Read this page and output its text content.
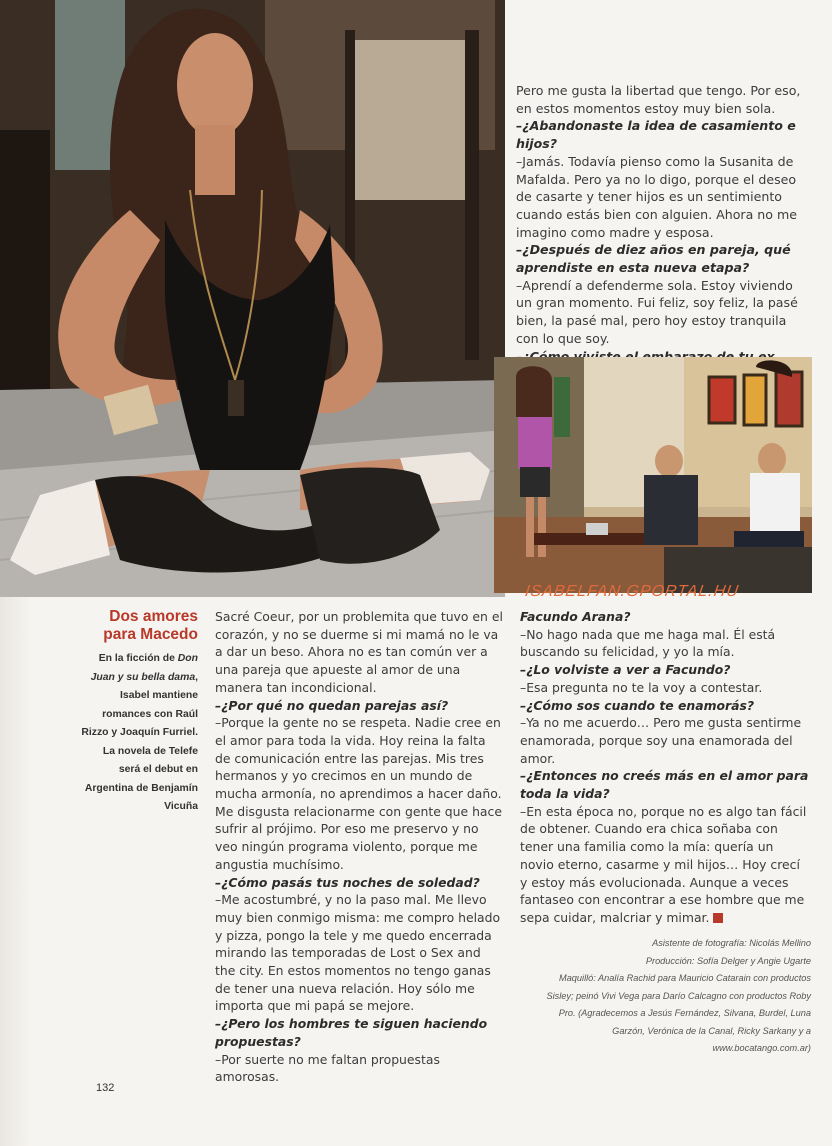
Pero me gusta la libertad que tengo. Por eso, en estos momentos estoy muy bien sola.

–¿Abandonaste la idea de casamiento e hijos?

–Jamás. Todavía pienso como la Susanita de Mafalda. Pero ya no lo digo, porque el deseo de casarte y tener hijos es un sentimiento cuando estás bien con alguien. Ahora no me imagino como madre y esposa.

–¿Después de diez años en pareja, qué aprendiste en esta nueva etapa?

–Aprendí a defenderme sola. Estoy viviendo un gran momento. Fui feliz, soy feliz, la pasé bien, la pasé mal, pero hoy estoy tranquila con lo que soy.

ISABELFAN.GPORTAL.HU
Dos amores
para Macedo

En la ficción de Don Juan y su bella dama, Isabel mantiene romances con Raúl Rizzo y Joaquín Furriel. La novela de Telefe será el debut en Argentina de Benjamín Vicuña

Sacré Coeur, por un problemita que tuvo en el corazón, y no se duerme si mi mamá no le va a dar un beso. Ahora no es tan común ver a una pareja que apueste al amor de una manera tan incondicional.

–¿Por qué no quedan parejas así?

–Porque la gente no se respeta. Nadie cree en el amor para toda la vida. Hoy reina la falta de comunicación entre las parejas. Mis tres hermanos y yo crecimos en un mundo de mucha armonía, no aprendimos a hacer daño. Me disgusta relacionarme con gente que hace sufrir al prójimo. Por eso me preservo y no veo ningún programa violento, porque me angustia muchísimo.

–¿Cómo pasás tus noches de soledad?

–Me acostumbré, y no la paso mal. Me llevo muy bien conmigo misma: me compro helado y pizza, pongo la tele y me quedo encerrada mirando las temporadas de Lost o Sex and the city. En estos momentos no tengo ganas de tener una nueva relación. Hoy sólo me importa que mi papá se mejore.

–¿Pero los hombres te siguen haciendo propuestas?

–Por suerte no me faltan propuestas amorosas.

Facundo Arana?

–No hago nada que me haga mal. Él está buscando su felicidad, y yo la mía.

–¿Lo volviste a ver a Facundo?

–Esa pregunta no te la voy a contestar.

–¿Cómo sos cuando te enamorás?

–Ya no me acuerdo… Pero me gusta sentirme enamorada, porque soy una enamorada del amor.

–¿Entonces no creés más en el amor para toda la vida?

–En esta época no, porque no es algo tan fácil de obtener. Cuando era chica soñaba con tener una familia como la mía: quería un novio eterno, casarme y mil hijos… Hoy crecí y estoy más evolucionada. Aunque a veces fantaseo con encontrar a ese hombre que me sepa cuidar, malcriar y mimar.

Asistente de fotografía: Nicolás Mellino

Producción: Sofía Delger y Angie Ugarte

Maquilló: Analía Rachid para Mauricio Catarain con productos

Sisley; peinó Vivi Vega para Darío Calcagno con productos Roby

Pro. (Agradecemos a Jesús Fernández, Silvana, Burdel, Luna

Garzón, Verónica de la Canal, Ricky Sarkany y a

www.bocatango.com.ar)

132
